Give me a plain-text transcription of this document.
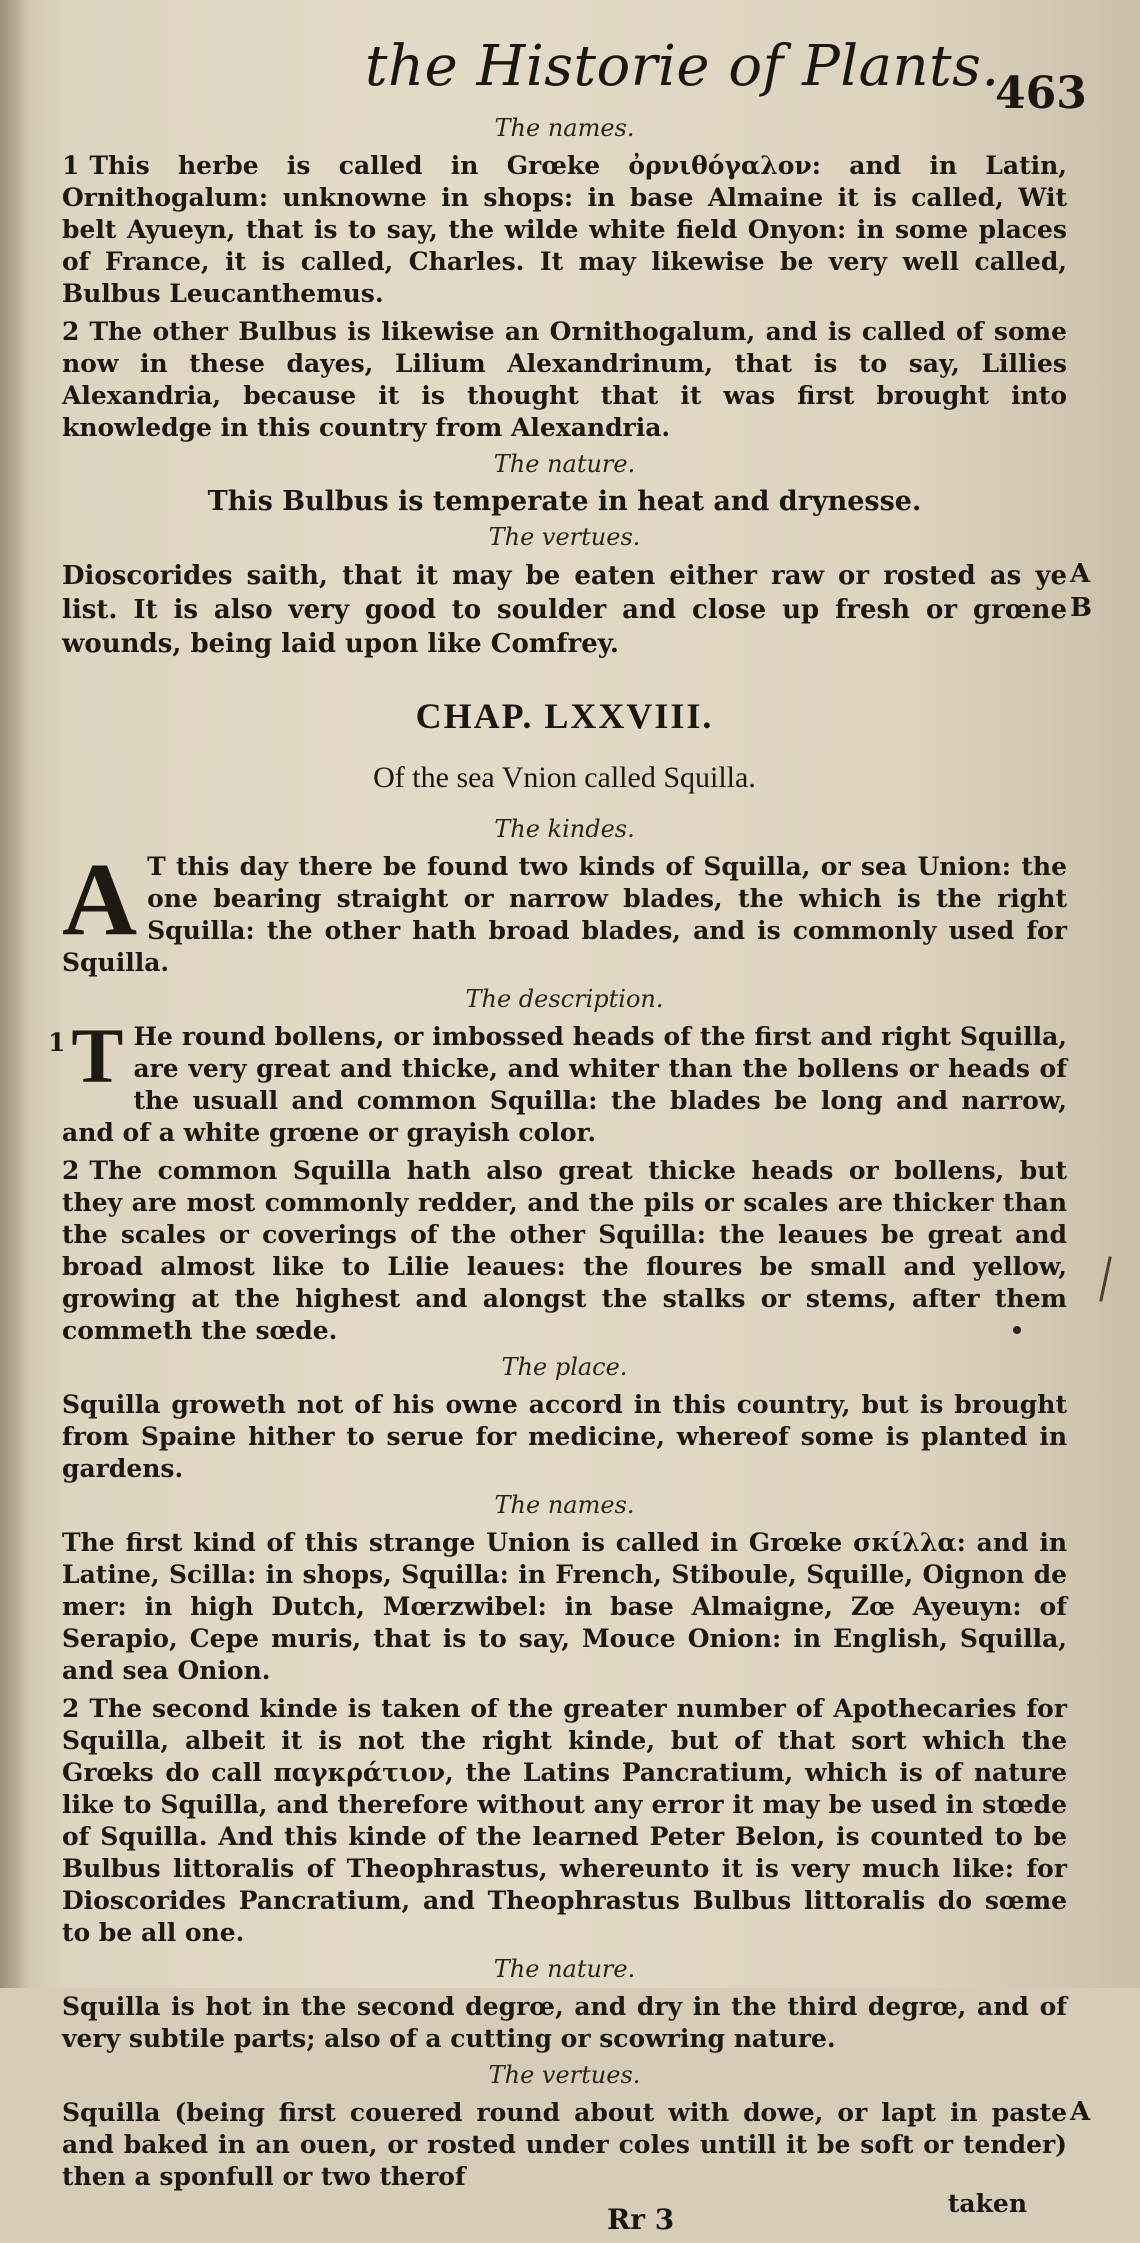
the Historie of Plants.
463
The names.

1 This herbe is called in Grœke ὀρνιθόγαλον: and in Latin, Ornithogalum: unknowne in shops: in base Almaine it is called, Wit belt Ayueyn, that is to say, the wilde white field Onyon: in some places of France, it is called, Charles. It may likewise be very well called, Bulbus Leucanthemus.

2 The other Bulbus is likewise an Ornithogalum, and is called of some now in these dayes, Lilium Alexandrinum, that is to say, Lillies Alexandria, because it is thought that it was first brought into knowledge in this country from Alexandria.

The nature.
This Bulbus is temperate in heat and drynesse.
The vertues.

Dioscorides saith, that it may be eaten either raw or rosted as ye list. It is also very good to soulder and close up fresh or grœne wounds, being laid upon like Comfrey.

A
B
CHAP. LXXVIII.
Of the sea Vnion called Squilla.
The kindes.

A T this day there be found two kinds of Squilla, or sea Union: the one bearing straight or narrow blades, the which is the right Squilla: the other hath broad blades, and is commonly used for Squilla.

The description.

1 T He round bollens, or imbossed heads of the first and right Squilla, are very great and thicke, and whiter than the bollens or heads of the usuall and common Squilla: the blades be long and narrow, and of a white grœne or grayish color.

2 The common Squilla hath also great thicke heads or bollens, but they are most commonly redder, and the pils or scales are thicker than the scales or coverings of the other Squilla: the leaues be great and broad almost like to Lilie leaues: the floures be small and yellow, growing at the highest and alongst the stalks or stems, after them commeth the sœde.

The place.

Squilla groweth not of his owne accord in this country, but is brought from Spaine hither to serue for medicine, whereof some is planted in gardens.

The names.

The first kind of this strange Union is called in Grœke σκίλλα: and in Latine, Scilla: in shops, Squilla: in French, Stiboule, Squille, Oignon de mer: in high Dutch, Mœrzwibel: in base Almaigne, Zœ Ayeuyn: of Serapio, Cepe muris, that is to say, Mouce Onion: in English, Squilla, and sea Onion.

2 The second kinde is taken of the greater number of Apothecaries for Squilla, albeit it is not the right kinde, but of that sort which the Grœks do call παγκράτιον, the Latins Pancratium, which is of nature like to Squilla, and therefore without any error it may be used in stœde of Squilla. And this kinde of the learned Peter Belon, is counted to be Bulbus littoralis of Theophrastus, whereunto it is very much like: for Dioscorides Pancratium, and Theophrastus Bulbus littoralis do sœme to be all one.

The nature.

Squilla is hot in the second degrœ, and dry in the third degrœ, and of very subtile parts; also of a cutting or scowring nature.

The vertues.

Squilla (being first couered round about with dowe, or lapt in paste and baked in an ouen, or rosted under coles untill it be soft or tender) then a sponfull or two therof

A
Rr 3	taken
